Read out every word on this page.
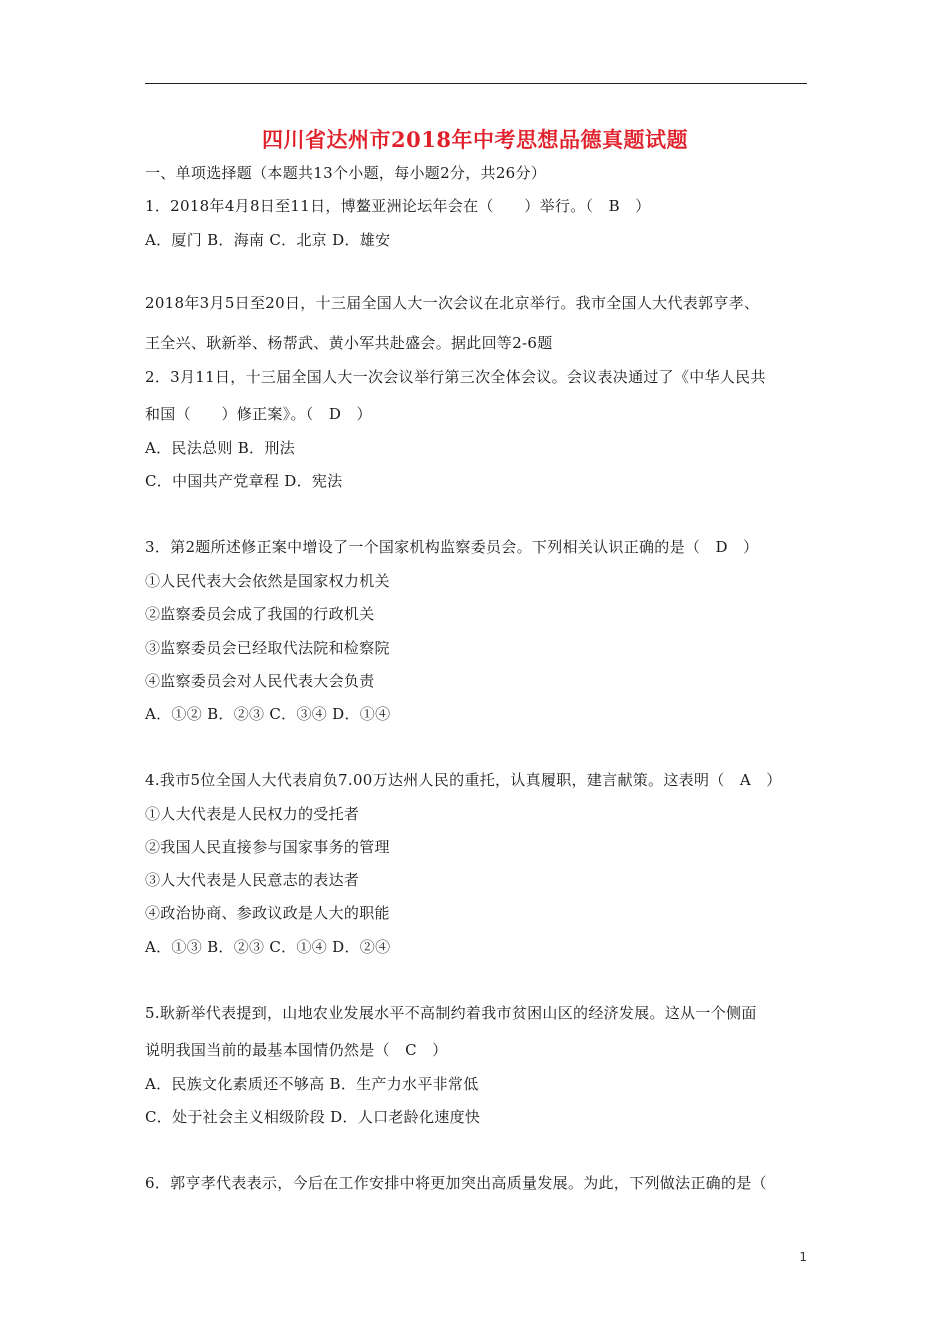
四川省达州市2018年中考思想品德真题试题
一、单项选择题（本题共13个小题，每小题2分，共26分）
1．2018年4月8日至11日，博鳌亚洲论坛年会在（　　）举行。（　B　）
A．厦门 B．海南 C．北京 D．雄安
2018年3月5日至20日，十三届全国人大一次会议在北京举行。我市全国人大代表郭亨孝、
王全兴、耿新举、杨帮武、黄小军共赴盛会。据此回等2-6题
2．3月11日，十三届全国人大一次会议举行第三次全体会议。会议表决通过了《中华人民共
和国（　　）修正案》。（　D　）
A．民法总则 B．刑法
C．中国共产党章程 D．宪法
3．第2题所述修正案中增设了一个国家机构监察委员会。下列相关认识正确的是（　D　）
①人民代表大会依然是国家权力机关
②监察委员会成了我国的行政机关
③监察委员会已经取代法院和检察院
④监察委员会对人民代表大会负责
A．①② B．②③ C．③④ D．①④
4.我市5位全国人大代表肩负7.00万达州人民的重托，认真履职，建言献策。这表明（　A　）
①人大代表是人民权力的受托者
②我国人民直接参与国家事务的管理
③人大代表是人民意志的表达者
④政治协商、参政议政是人大的职能
A．①③ B．②③ C．①④ D．②④
5.耿新举代表提到，山地农业发展水平不高制约着我市贫困山区的经济发展。这从一个侧面
说明我国当前的最基本国情仍然是（　C　）
A．民族文化素质还不够高 B．生产力水平非常低
C．处于社会主义相级阶段 D．人口老龄化速度快
6．郭亨孝代表表示，今后在工作安排中将更加突出高质量发展。为此，下列做法正确的是（
1
